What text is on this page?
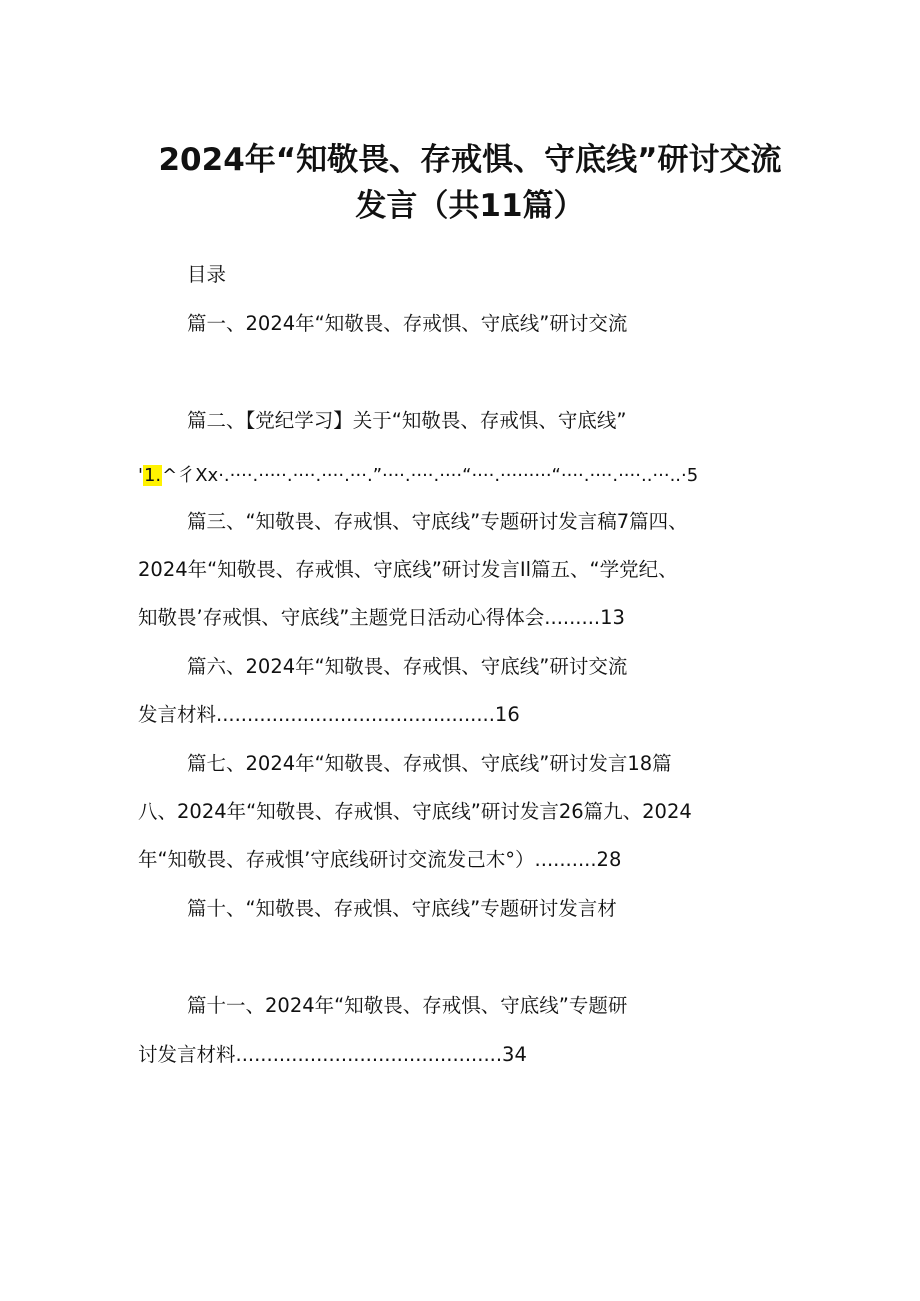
2024年“知敬畏、存戒惧、守底线”研讨交流
发言（共11篇）
目录
篇一、2024年“知敬畏、存戒惧、守底线”研讨交流
篇二、【党纪学习】关于“知敬畏、存戒惧、守底线”
'1.^彳Xx·.····.·····.····.····.···.”····.····.····“····.·········“····.····.····..···..·5
篇三、“知敬畏、存戒惧、守底线”专题研讨发言稿7篇四、
2024年“知敬畏、存戒惧、守底线”研讨发言Il篇五、“学党纪、
知敬畏’存戒惧、守底线”主题党日活动心得体会.........13
篇六、2024年“知敬畏、存戒惧、守底线”研讨交流
发言材料.............................................16
篇七、2024年“知敬畏、存戒惧、守底线”研讨发言18篇
八、2024年“知敬畏、存戒惧、守底线”研讨发言26篇九、2024
年“知敬畏、存戒惧’守底线研讨交流发己木°）..........28
篇十、“知敬畏、存戒惧、守底线”专题研讨发言材
篇十一、2024年“知敬畏、存戒惧、守底线”专题研
讨发言材料...........................................34
